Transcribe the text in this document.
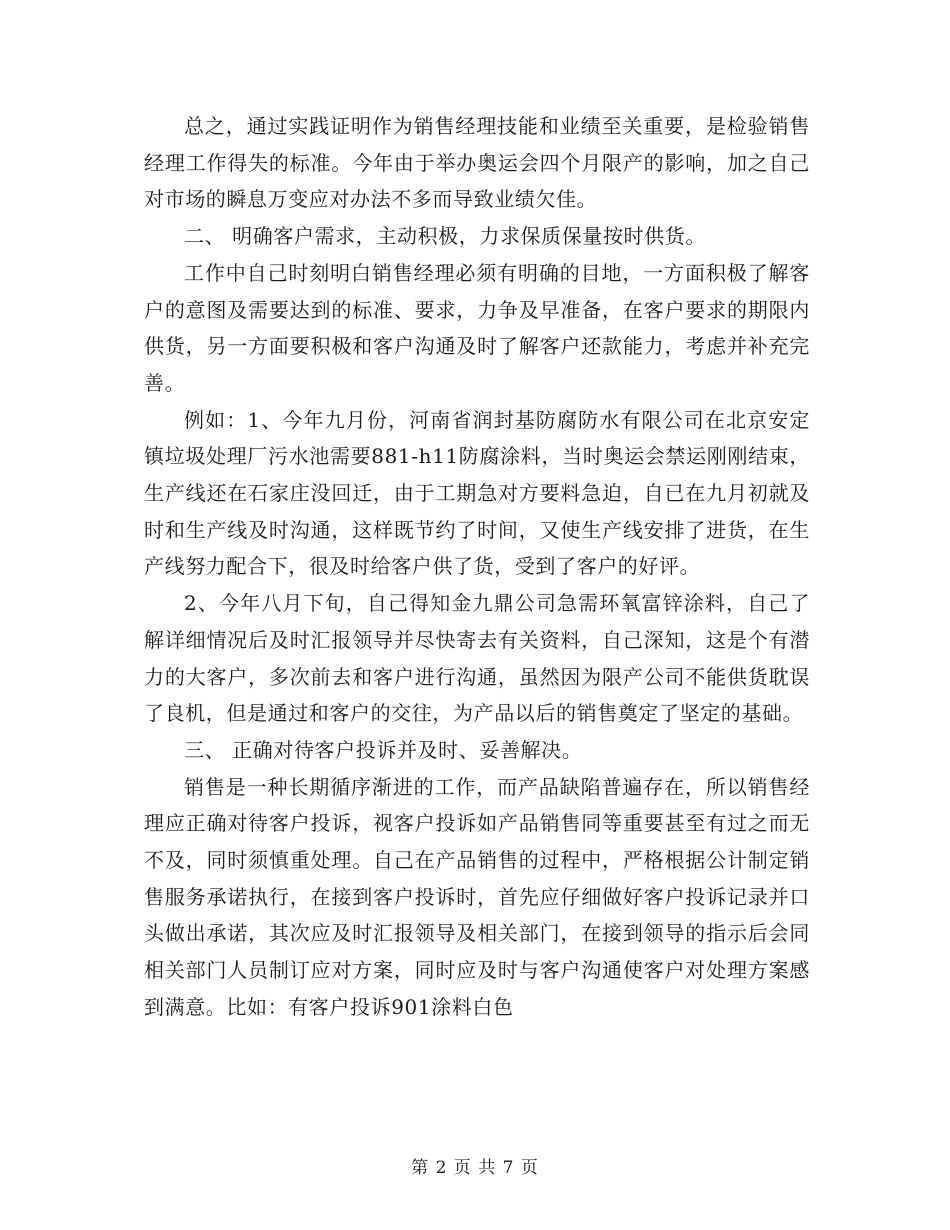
总之，通过实践证明作为销售经理技能和业绩至关重要，是检验销售经理工作得失的标准。今年由于举办奥运会四个月限产的影响，加之自己对市场的瞬息万变应对办法不多而导致业绩欠佳。

二、 明确客户需求，主动积极，力求保质保量按时供货。

工作中自己时刻明白销售经理必须有明确的目地，一方面积极了解客户的意图及需要达到的标准、要求，力争及早准备，在客户要求的期限内供货，另一方面要积极和客户沟通及时了解客户还款能力，考虑并补充完善。

例如：1、今年九月份，河南省润封基防腐防水有限公司在北京安定镇垃圾处理厂污水池需要881-h11防腐涂料，当时奥运会禁运刚刚结束，生产线还在石家庄没回迁，由于工期急对方要料急迫，自已在九月初就及时和生产线及时沟通，这样既节约了时间，又使生产线安排了进货，在生产线努力配合下，很及时给客户供了货，受到了客户的好评。

2、今年八月下旬，自己得知金九鼎公司急需环氧富锌涂料，自己了解详细情况后及时汇报领导并尽快寄去有关资料，自己深知，这是个有潜力的大客户，多次前去和客户进行沟通，虽然因为限产公司不能供货耽误了良机，但是通过和客户的交往，为产品以后的销售奠定了坚定的基础。

三、 正确对待客户投诉并及时、妥善解决。

销售是一种长期循序渐进的工作，而产品缺陷普遍存在，所以销售经理应正确对待客户投诉，视客户投诉如产品销售同等重要甚至有过之而无不及，同时须慎重处理。自己在产品销售的过程中，严格根据公计制定销售服务承诺执行，在接到客户投诉时，首先应仔细做好客户投诉记录并口头做出承诺，其次应及时汇报领导及相关部门，在接到领导的指示后会同相关部门人员制订应对方案，同时应及时与客户沟通使客户对处理方案感到满意。比如：有客户投诉901涂料白色

第 2 页 共 7 页
